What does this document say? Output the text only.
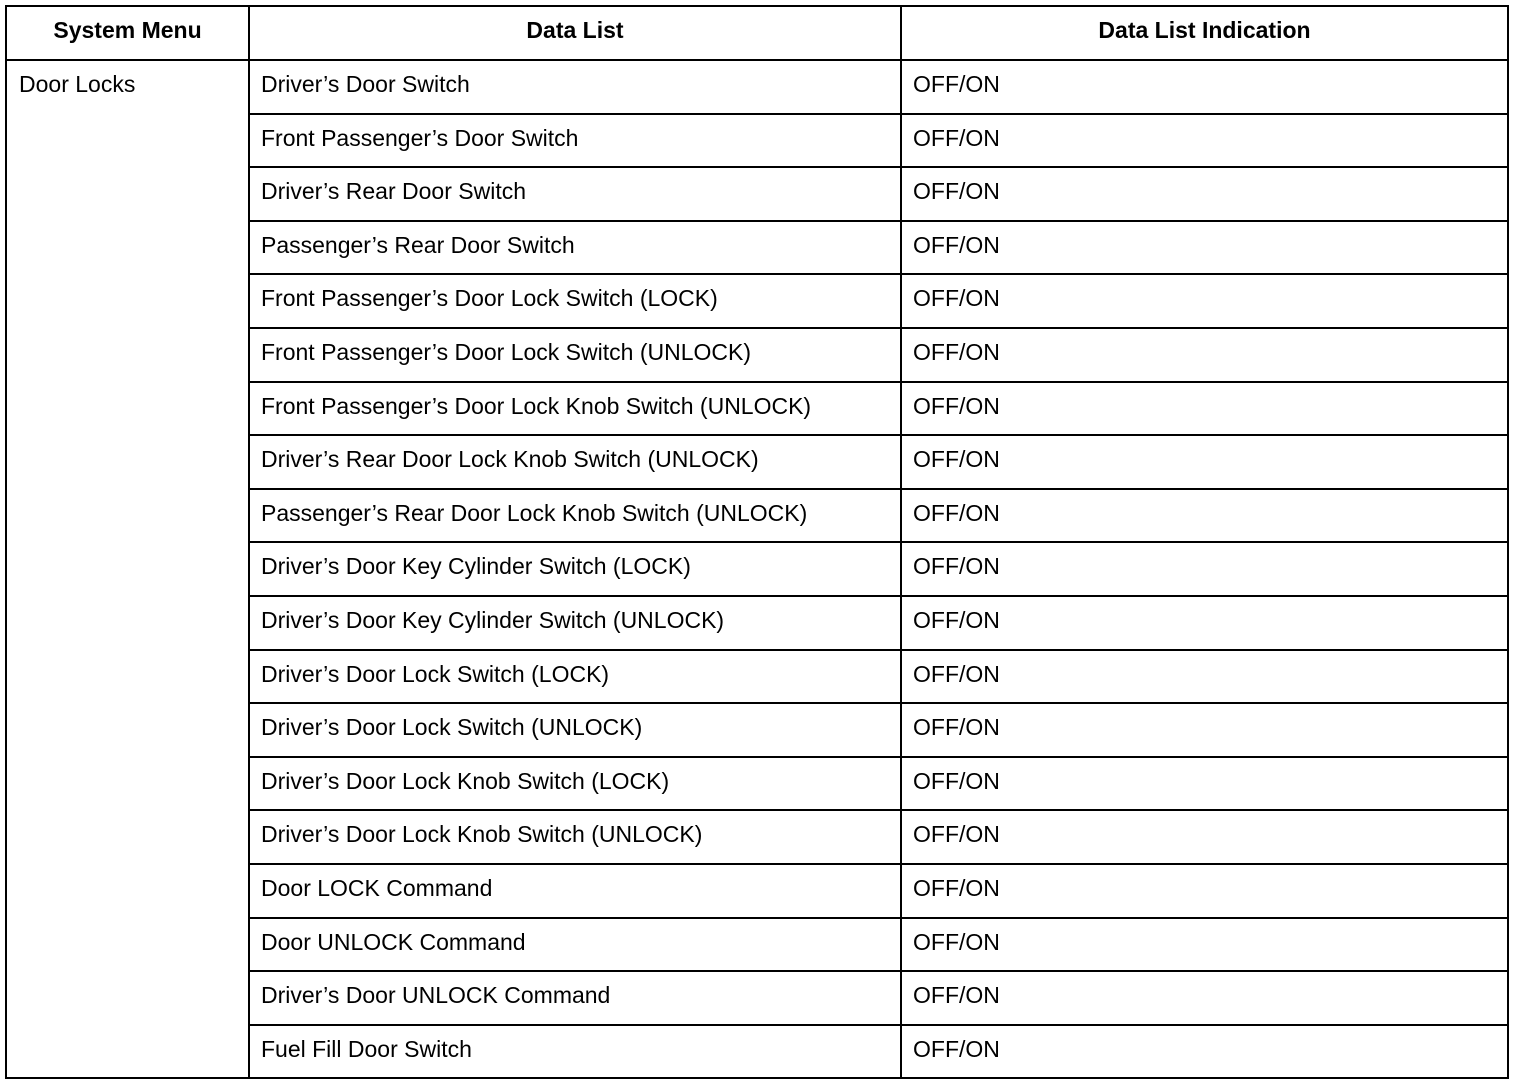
System Menu	Data List	Data List Indication
Door Locks	Driver’s Door Switch	OFF/ON
	Front Passenger’s Door Switch	OFF/ON
	Driver’s Rear Door Switch	OFF/ON
	Passenger’s Rear Door Switch	OFF/ON
	Front Passenger’s Door Lock Switch (LOCK)	OFF/ON
	Front Passenger’s Door Lock Switch (UNLOCK)	OFF/ON
	Front Passenger’s Door Lock Knob Switch (UNLOCK)	OFF/ON
	Driver’s Rear Door Lock Knob Switch (UNLOCK)	OFF/ON
	Passenger’s Rear Door Lock Knob Switch (UNLOCK)	OFF/ON
	Driver’s Door Key Cylinder Switch (LOCK)	OFF/ON
	Driver’s Door Key Cylinder Switch (UNLOCK)	OFF/ON
	Driver’s Door Lock Switch (LOCK)	OFF/ON
	Driver’s Door Lock Switch (UNLOCK)	OFF/ON
	Driver’s Door Lock Knob Switch (LOCK)	OFF/ON
	Driver’s Door Lock Knob Switch (UNLOCK)	OFF/ON
	Door LOCK Command	OFF/ON
	Door UNLOCK Command	OFF/ON
	Driver’s Door UNLOCK Command	OFF/ON
	Fuel Fill Door Switch	OFF/ON
